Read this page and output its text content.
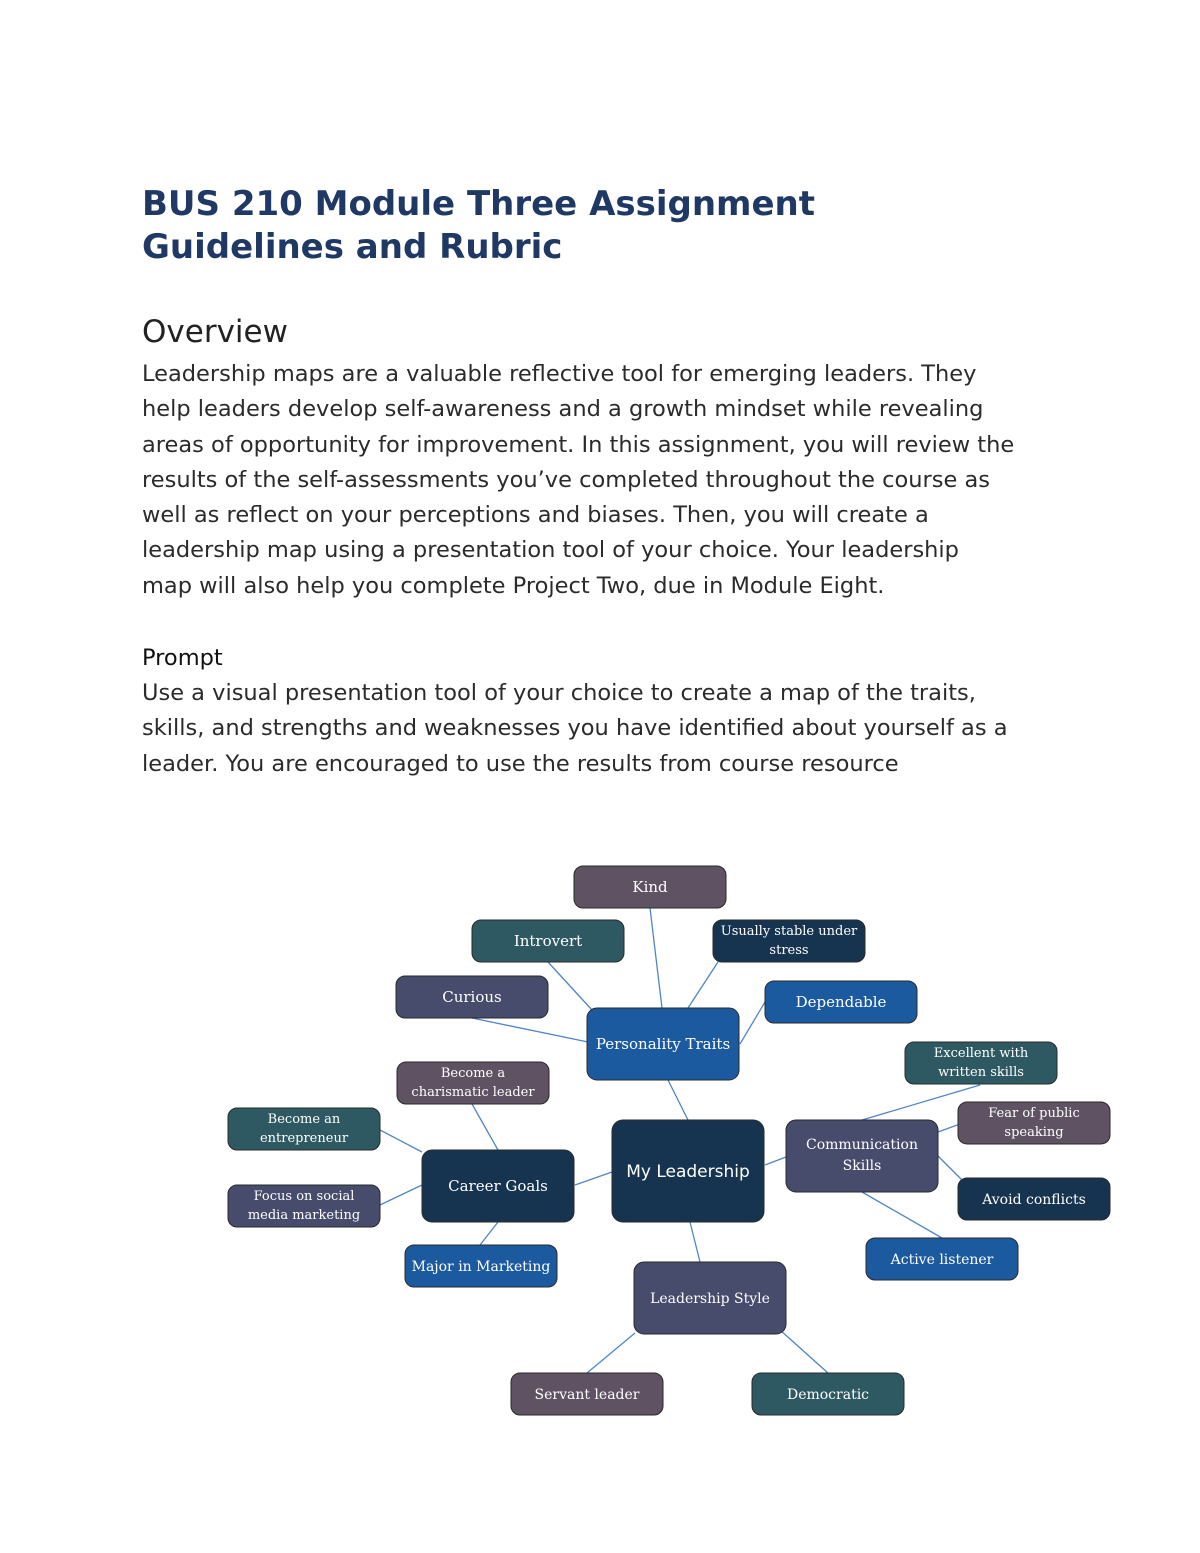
BUS 210 Module Three Assignment
Guidelines and Rubric
Overview

Leadership maps are a valuable reflective tool for emerging leaders. They
help leaders develop self-awareness and a growth mindset while revealing
areas of opportunity for improvement. In this assignment, you will review the
results of the self-assessments you’ve completed throughout the course as
well as reflect on your perceptions and biases. Then, you will create a
leadership map using a presentation tool of your choice. Your leadership
map will also help you complete Project Two, due in Module Eight.

Prompt

Use a visual presentation tool of your choice to create a map of the traits,
skills, and strengths and weaknesses you have identified about yourself as a
leader. You are encouraged to use the results from course resource

Kind
Introvert
Usually stable under stress
Curious	Dependable
Personality Traits
Become a charismatic leader
Become an entrepreneur
Focus on social media marketing
Major in Marketing
Career Goals
My Leadership
Excellent with written skills
Fear of public speaking
Avoid conflicts
Active listener
Communication Skills
Leadership Style
Servant leader	Democratic
